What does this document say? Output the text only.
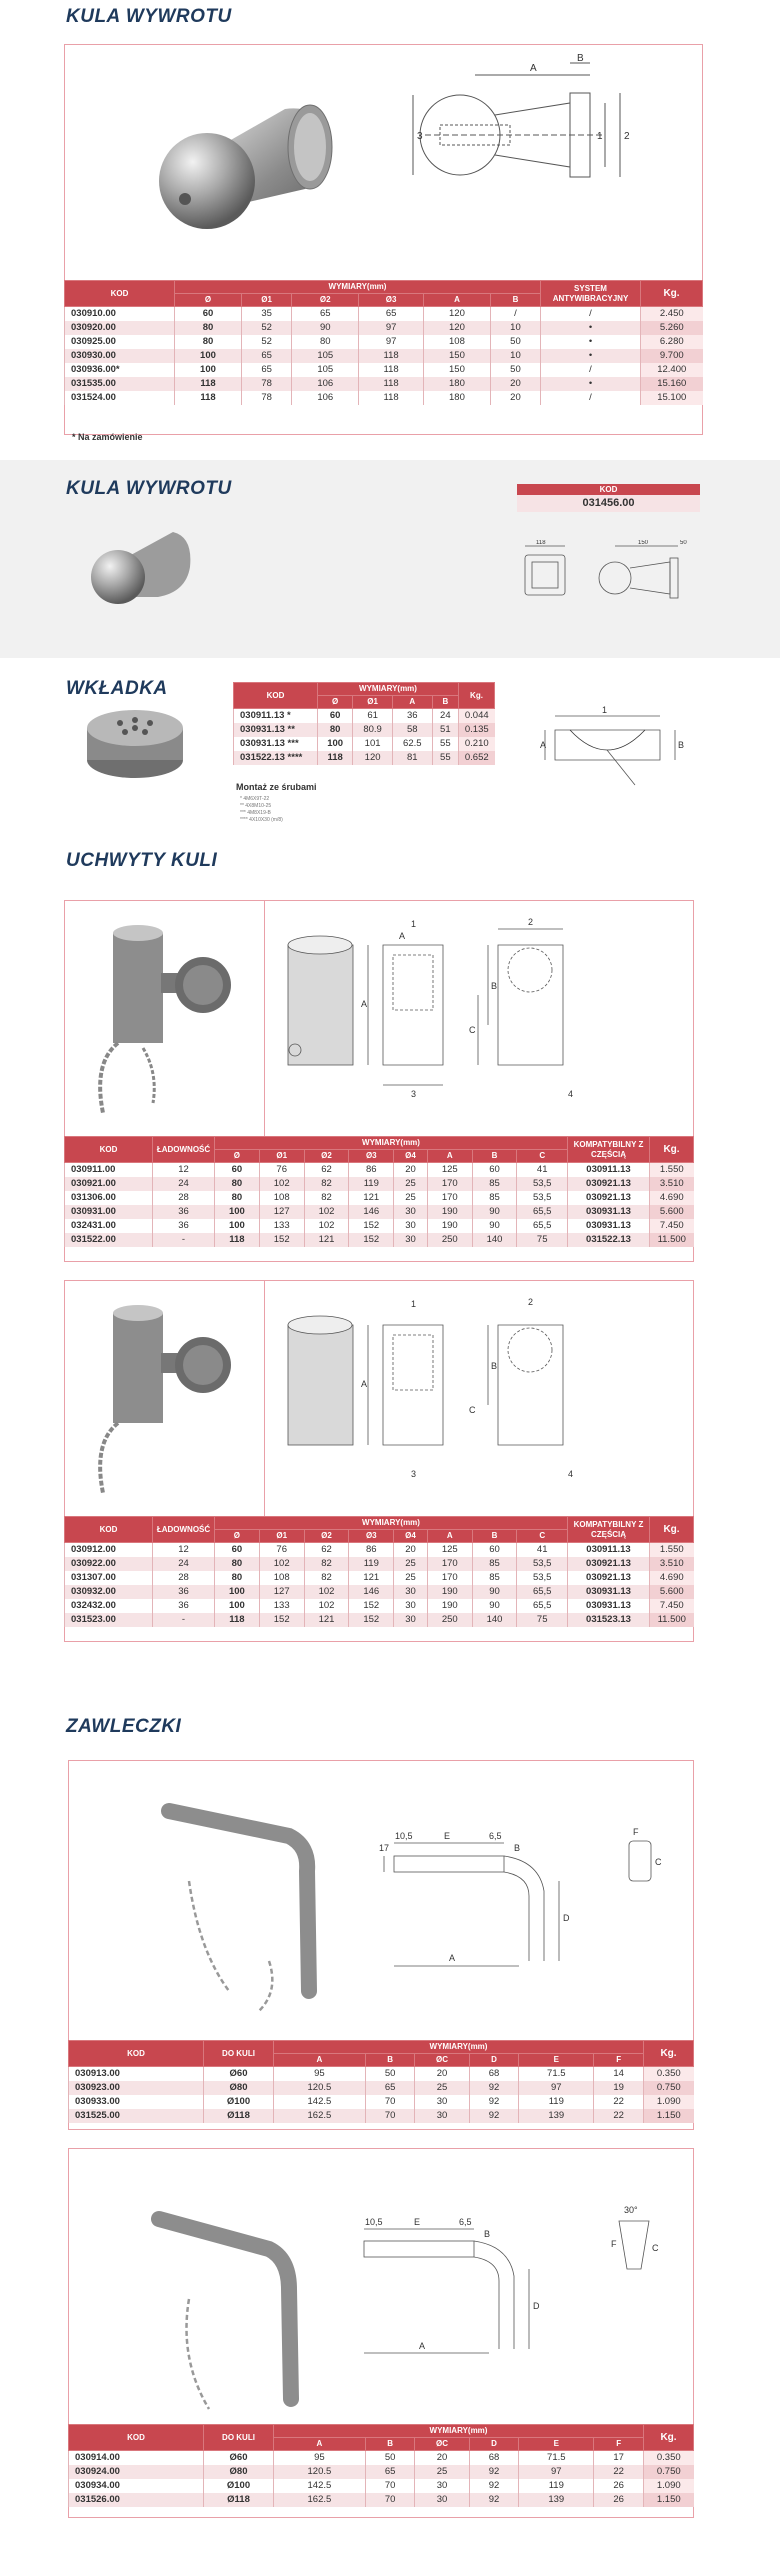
KULA WYWROTU
A
B
1 2
3
KOD	WYMIARY(mm)						SYSTEM ANTYWIBRACYJNY	Kg.
	Ø	Ø1	Ø2	Ø3	A	B		
030910.00	60	35	65	65	120	/	/	2.450
030920.00	80	52	90	97	120	10	•	5.260
030925.00	80	52	80	97	108	50	•	6.280
030930.00	100	65	105	118	150	10	•	9.700
030936.00*	100	65	105	118	150	50	/	12.400
031535.00	118	78	106	118	180	20	•	15.160
031524.00	118	78	106	118	180	20	/	15.100
* Na zamówienie
KULA WYWROTU	KOD
031456.00
118	150	50
WKŁADKA	KOD	WYMIARY(mm)				Kg.
	Ø	Ø1	A	B	
030911.13 *	60	61	36	24	0.044
030931.13 **	80	80.9	58	51	0.135
030931.13 ***	100	101	62.5	55	0.210
031522.13 ****	118	120	81	55	0.652
Montaż ze śrubami
* 4M6X9T-22
** 4X8M10-25
*** 4M8X19-B
**** 4X10X30 (m/8)
1
A	B
UCHWYTY KULI
1	2
3	4
A
B
C
A
KOD	ŁADOWNOŚĆ	WYMIARY(mm)								KOMPATYBILNY Z CZĘŚCIĄ	Kg.
		Ø	Ø1	Ø2	Ø3	Ø4	A	B	C		
030911.00	12	60	76	62	86	20	125	60	41	030911.13	1.550
030921.00	24	80	102	82	119	25	170	85	53,5	030921.13	3.510
031306.00	28	80	108	82	121	25	170	85	53,5	030921.13	4.690
030931.00	36	100	127	102	146	30	190	90	65,5	030931.13	5.600
032431.00	36	100	133	102	152	30	190	90	65,5	030931.13	7.450
031522.00	-	118	152	121	152	30	250	140	75	031522.13	11.500
1	2
3	4
A
B
C
KOD	ŁADOWNOŚĆ	WYMIARY(mm)								KOMPATYBILNY Z CZĘŚCIĄ	Kg.
		Ø	Ø1	Ø2	Ø3	Ø4	A	B	C		
030912.00	12	60	76	62	86	20	125	60	41	030911.13	1.550
030922.00	24	80	102	82	119	25	170	85	53,5	030921.13	3.510
031307.00	28	80	108	82	121	25	170	85	53,5	030921.13	4.690
030932.00	36	100	127	102	146	30	190	90	65,5	030931.13	5.600
032432.00	36	100	133	102	152	30	190	90	65,5	030931.13	7.450
031523.00	-	118	152	121	152	30	250	140	75	031523.13	11.500
ZAWLECZKI
10,5	E	6,5
B
F
C
17
A
D
KOD	DO KULI	WYMIARY(mm)						Kg.
		A	B	ØC	D	E	F	
030913.00	Ø60	95	50	20	68	71.5	14	0.350
030923.00	Ø80	120.5	65	25	92	97	19	0.750
030933.00	Ø100	142.5	70	30	92	119	22	1.090
031525.00	Ø118	162.5	70	30	92	139	22	1.150
10,5	E	6,5
B
30°
F	C
A
D
KOD	DO KULI	WYMIARY(mm)						Kg.
		A	B	ØC	D	E	F	
030914.00	Ø60	95	50	20	68	71.5	17	0.350
030924.00	Ø80	120.5	65	25	92	97	22	0.750
030934.00	Ø100	142.5	70	30	92	119	26	1.090
031526.00	Ø118	162.5	70	30	92	139	26	1.150
